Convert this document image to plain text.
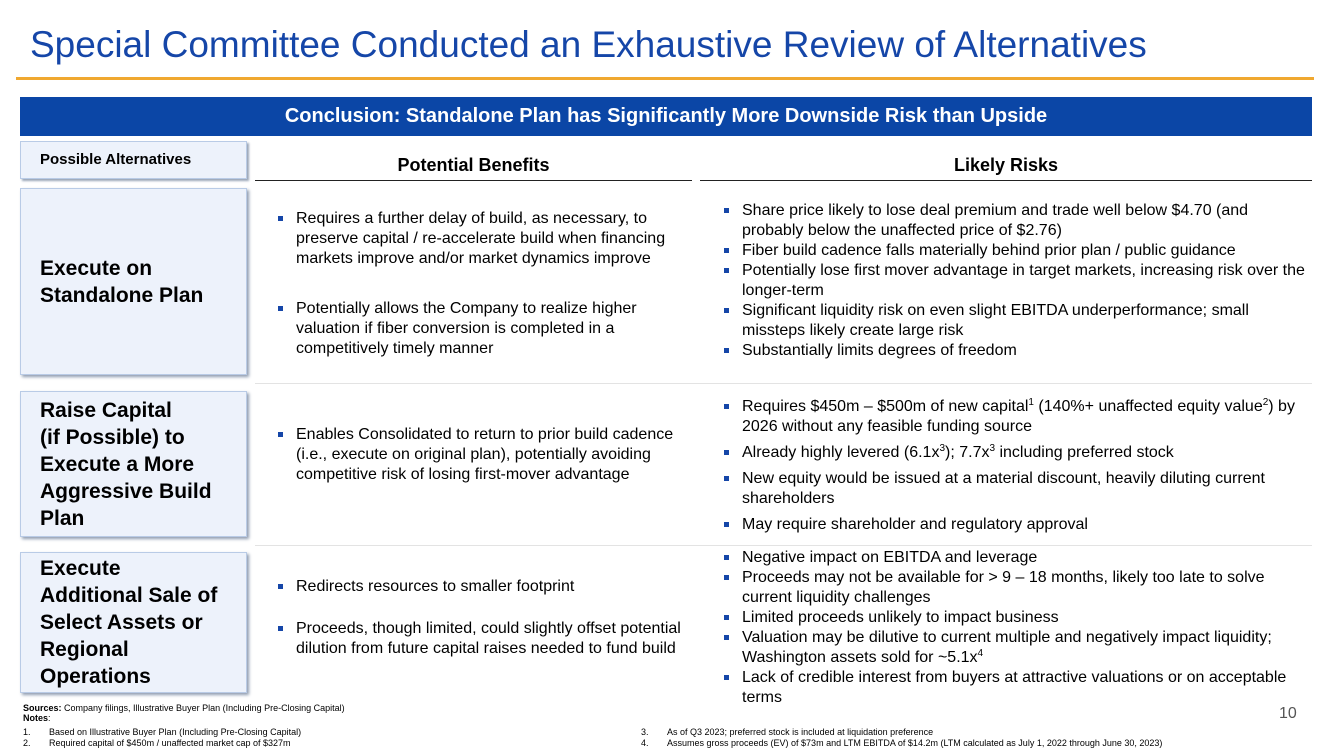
Special Committee Conducted an Exhaustive Review of Alternatives
Conclusion: Standalone Plan has Significantly More Downside Risk than Upside
Possible Alternatives	Potential Benefits	Likely Risks
Execute on
Standalone Plan
Requires a further delay of build, as necessary, to preserve capital / re-accelerate build when financing markets improve and/or market dynamics improve
Potentially allows the Company to realize higher valuation if fiber conversion is completed in a competitively timely manner
Share price likely to lose deal premium and trade well below $4.70 (and probably below the unaffected price of $2.76)
Fiber build cadence falls materially behind prior plan / public guidance
Potentially lose first mover advantage in target markets, increasing risk over the longer-term
Significant liquidity risk on even slight EBITDA underperformance; small missteps likely create large risk
Substantially limits degrees of freedom
Raise Capital
(if Possible) to
Execute a More
Aggressive Build
Plan
Enables Consolidated to return to prior build cadence (i.e., execute on original plan), potentially avoiding competitive risk of losing first-mover advantage
Requires $450m – $500m of new capital$^1$ (140%+ unaffected equity value$^2$) by 2026 without any feasible funding source
Already highly levered $(6.1x^3)$; $7.7x^3$ including preferred stock
New equity would be issued at a material discount, heavily diluting current shareholders
May require shareholder and regulatory approval
Execute
Additional Sale of
Select Assets or
Regional
Operations
Redirects resources to smaller footprint
Proceeds, though limited, could slightly offset potential dilution from future capital raises needed to fund build
Negative impact on EBITDA and leverage
Proceeds may not be available for > 9 – 18 months, likely too late to solve current liquidity challenges
Limited proceeds unlikely to impact business
Valuation may be dilutive to current multiple and negatively impact liquidity; Washington assets sold for $\sim 5.1x^4$
Lack of credible interest from buyers at attractive valuations or on acceptable terms
Sources: Company filings, Illustrative Buyer Plan (Including Pre-Closing Capital)
Notes:
1. Based on Illustrative Buyer Plan (Including Pre-Closing Capital)
2. Required capital of $450m / unaffected market cap of $327m
3. As of Q3 2023; preferred stock is included at liquidation preference
4. Assumes gross proceeds (EV) of $73m and LTM EBITDA of $14.2m (LTM calculated as July 1, 2022 through June 30, 2023)
10
